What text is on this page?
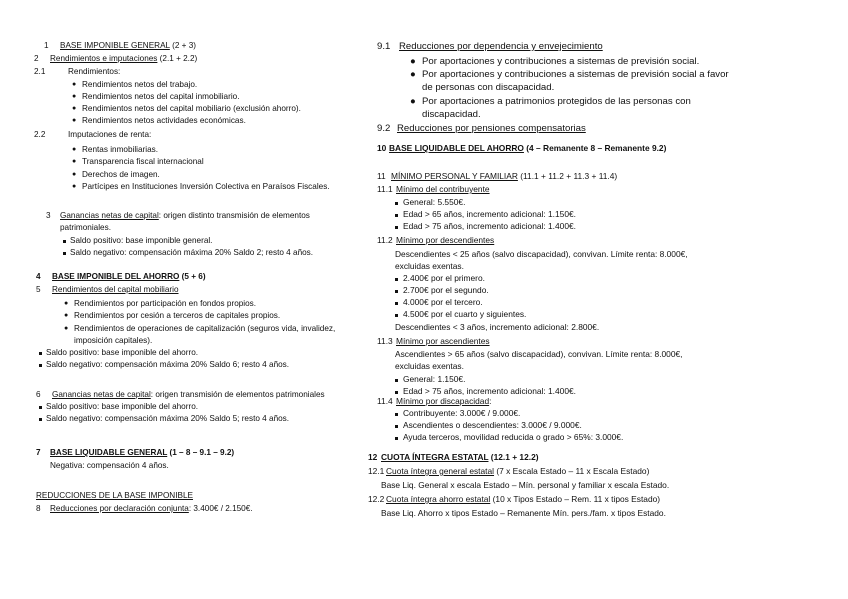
1 BASE IMPONIBLE GENERAL (2 + 3)
2 Rendimientos e imputaciones (2.1 + 2.2)
2.1	Rendimientos:
● Rendimientos netos del trabajo.
● Rendimientos netos del capital inmobiliario.
● Rendimientos netos del capital mobiliario (exclusión ahorro).
● Rendimientos netos actividades económicas.
2.2	Imputaciones de renta:
● Rentas inmobiliarias.
● Transparencia fiscal internacional
● Derechos de imagen.
● Partícipes en Instituciones Inversión Colectiva en Paraísos Fiscales.
3 Ganancias netas de capital: origen distinto transmisión de elementos
patrimoniales.
Saldo positivo: base imponible general.
Saldo negativo: compensación máxima 20% Saldo 2; resto 4 años.
4 BASE IMPONIBLE DEL AHORRO (5 + 6)
5 Rendimientos del capital mobiliario
● Rendimientos por participación en fondos propios.
● Rendimientos por cesión a terceros de capitales propios.
● Rendimientos de operaciones de capitalización (seguros vida, invalidez,
imposición capitales).
Saldo positivo: base imponible del ahorro.
Saldo negativo: compensación máxima 20% Saldo 6; resto 4 años.
6 Ganancias netas de capital: origen transmisión de elementos patrimoniales
Saldo positivo: base imponible del ahorro.
Saldo negativo: compensación máxima 20% Saldo 5; resto 4 años.
7 BASE LIQUIDABLE GENERAL (1 – 8 – 9.1 – 9.2)
Negativa: compensación 4 años.
REDUCCIONES DE LA BASE IMPONIBLE
8 Reducciones por declaración conjunta: 3.400€ / 2.150€.
9.1 Reducciones por dependencia y envejecimiento
● Por aportaciones y contribuciones a sistemas de previsión social.
● Por aportaciones y contribuciones a sistemas de previsión social a favor
de personas con discapacidad.
● Por aportaciones a patrimonios protegidos de las personas con
discapacidad.
9.2 Reducciones por pensiones compensatorias
10 BASE LIQUIDABLE DEL AHORRO (4 – Remanente 8 – Remanente 9.2)
11 MÍNIMO PERSONAL Y FAMILIAR (11.1 + 11.2 + 11.3 + 11.4)
11.1 Mínimo del contribuyente
General: 5.550€.
Edad > 65 años, incremento adicional: 1.150€.
Edad > 75 años, incremento adicional: 1.400€.
11.2 Mínimo por descendientes
Descendientes < 25 años (salvo discapacidad), convivan. Límite renta: 8.000€,
excluidas exentas.
2.400€ por el primero.
2.700€ por el segundo.
4.000€ por el tercero.
4.500€ por el cuarto y siguientes.
Descendientes < 3 años, incremento adicional: 2.800€.
11.3 Mínimo por ascendientes
Ascendientes > 65 años (salvo discapacidad), convivan. Límite renta: 8.000€,
excluidas exentas.
General: 1.150€.
Edad > 75 años, incremento adicional: 1.400€.
11.4 Mínimo por discapacidad:
Contribuyente: 3.000€ / 9.000€.
Ascendientes o descendientes: 3.000€ / 9.000€.
Ayuda terceros, movilidad reducida o grado > 65%: 3.000€.
12 CUOTA ÍNTEGRA ESTATAL (12.1 + 12.2)
12.1 Cuota íntegra general estatal (7 x Escala Estado – 11 x Escala Estado)
Base Liq. General x escala Estado – Mín. personal y familiar x escala Estado.
12.2 Cuota íntegra ahorro estatal (10 x Tipos Estado – Rem. 11 x tipos Estado)
Base Liq. Ahorro x tipos Estado – Remanente Mín. pers./fam. x tipos Estado.
